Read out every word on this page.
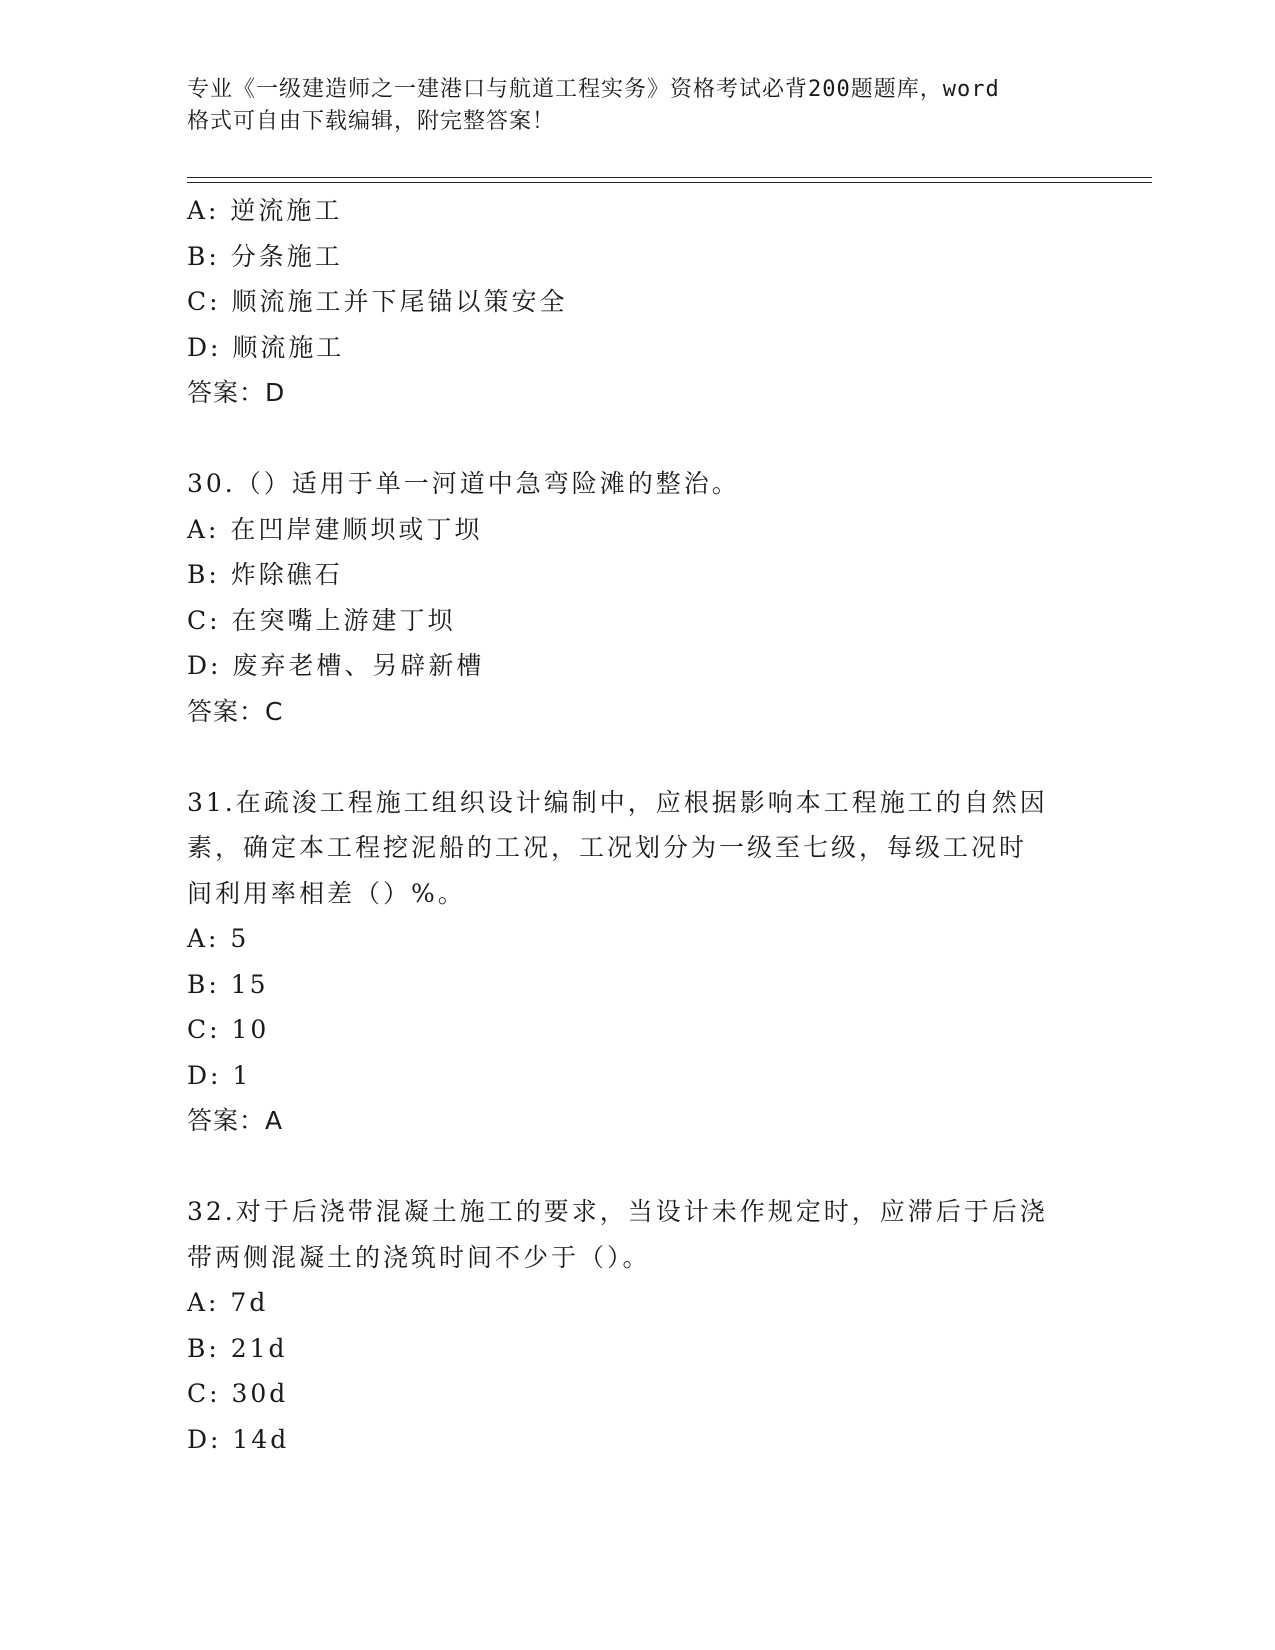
专业《一级建造师之一建港口与航道工程实务》资格考试必背200题题库，word
格式可自由下载编辑，附完整答案！
A: 逆流施工
B: 分条施工
C: 顺流施工并下尾锚以策安全
D: 顺流施工
答案：D
30.（）适用于单一河道中急弯险滩的整治。
A: 在凹岸建顺坝或丁坝
B: 炸除礁石
C: 在突嘴上游建丁坝
D: 废弃老槽、另辟新槽
答案：C
31.在疏浚工程施工组织设计编制中，应根据影响本工程施工的自然因
素，确定本工程挖泥船的工况，工况划分为一级至七级，每级工况时
间利用率相差（）%。
A: 5
B: 15
C: 10
D: 1
答案：A
32.对于后浇带混凝土施工的要求，当设计未作规定时，应滞后于后浇
带两侧混凝土的浇筑时间不少于（）。
A: 7d
B: 21d
C: 30d
D: 14d
